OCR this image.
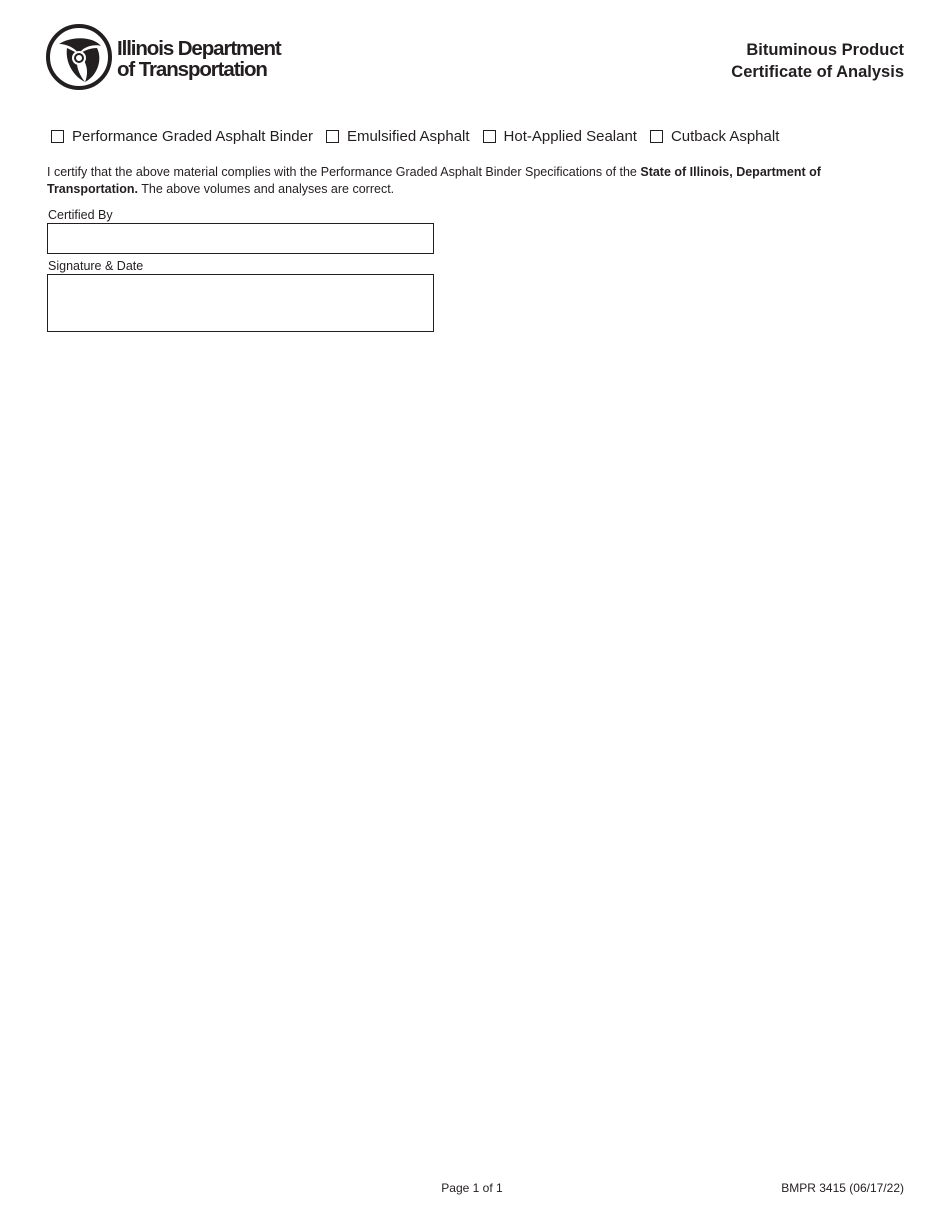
Illinois Department
of Transportation
Bituminous Product
Certificate of Analysis
Performance Graded Asphalt Binder Emulsified Asphalt Hot-Applied Sealant Cutback Asphalt
I certify that the above material complies with the Performance Graded Asphalt Binder Specifications of the State of Illinois, Department of Transportation. The above volumes and analyses are correct.
Certified By
Signature & Date
Page 1 of 1	BMPR 3415 (06/17/22)
